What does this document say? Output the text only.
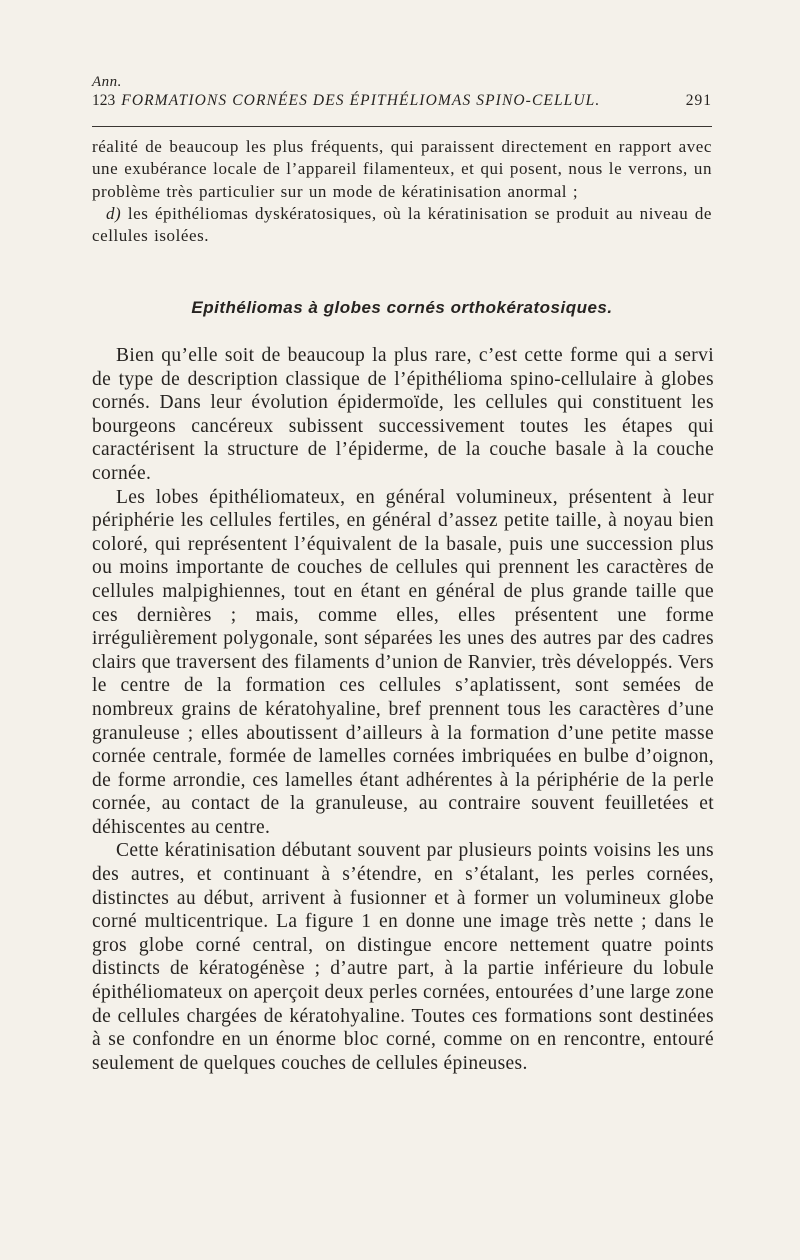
Ann.
123 FORMATIONS CORNÉES DES ÉPITHÉLIOMAS SPINO-CELLUL.	291

réalité de beaucoup les plus fréquents, qui paraissent directement en rapport avec une exubérance locale de l’appareil filamenteux, et qui posent, nous le verrons, un problème très particulier sur un mode de kératinisation anormal ;

d) les épithéliomas dyskératosiques, où la kératinisation se produit au niveau de cellules isolées.

Epithéliomas à globes cornés orthokératosiques.

Bien qu’elle soit de beaucoup la plus rare, c’est cette forme qui a servi de type de description classique de l’épithélioma spino-cellulaire à globes cornés. Dans leur évolution épidermoïde, les cellules qui constituent les bourgeons cancéreux subissent successivement toutes les étapes qui caractérisent la structure de l’épiderme, de la couche basale à la couche cornée.

Les lobes épithéliomateux, en général volumineux, présentent à leur périphérie les cellules fertiles, en général d’assez petite taille, à noyau bien coloré, qui représentent l’équivalent de la basale, puis une succession plus ou moins importante de couches de cellules qui prennent les caractères de cellules malpighiennes, tout en étant en général de plus grande taille que ces dernières ; mais, comme elles, elles présentent une forme irrégulièrement polygonale, sont séparées les unes des autres par des cadres clairs que traversent des filaments d’union de Ranvier, très développés. Vers le centre de la formation ces cellules s’aplatissent, sont semées de nombreux grains de kératohyaline, bref prennent tous les caractères d’une granuleuse ; elles aboutissent d’ailleurs à la formation d’une petite masse cornée centrale, formée de lamelles cornées imbriquées en bulbe d’oignon, de forme arrondie, ces lamelles étant adhérentes à la périphérie de la perle cornée, au contact de la granuleuse, au contraire souvent feuilletées et déhiscentes au centre.

Cette kératinisation débutant souvent par plusieurs points voisins les uns des autres, et continuant à s’étendre, en s’étalant, les perles cornées, distinctes au début, arrivent à fusionner et à former un volumineux globe corné multicentrique. La figure 1 en donne une image très nette ; dans le gros globe corné central, on distingue encore nettement quatre points distincts de kératogénèse ; d’autre part, à la partie inférieure du lobule épithéliomateux on aperçoit deux perles cornées, entourées d’une large zone de cellules chargées de kératohyaline. Toutes ces formations sont destinées à se confondre en un énorme bloc corné, comme on en rencontre, entouré seulement de quelques couches de cellules épineuses.
